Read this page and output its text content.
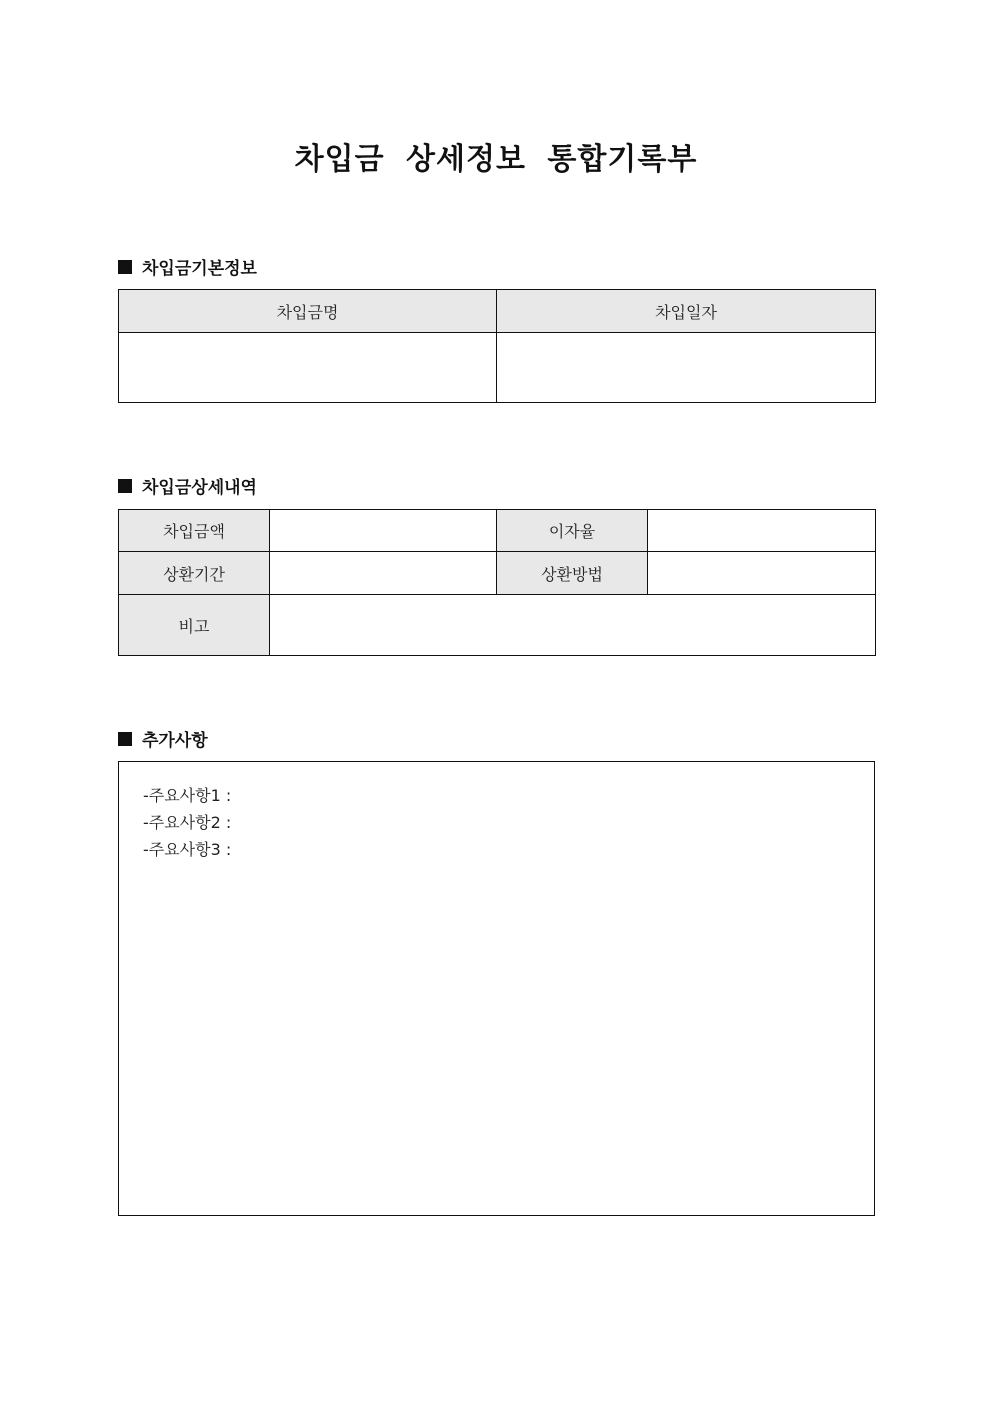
차입금 상세정보 통합기록부
차입금기본정보
차입금명	차입일자

차입금상세내역
차입금액		이자율	
상환기간		상환방법	
비고			
추가사항
-주요사항1 :
-주요사항2 :
-주요사항3 :
